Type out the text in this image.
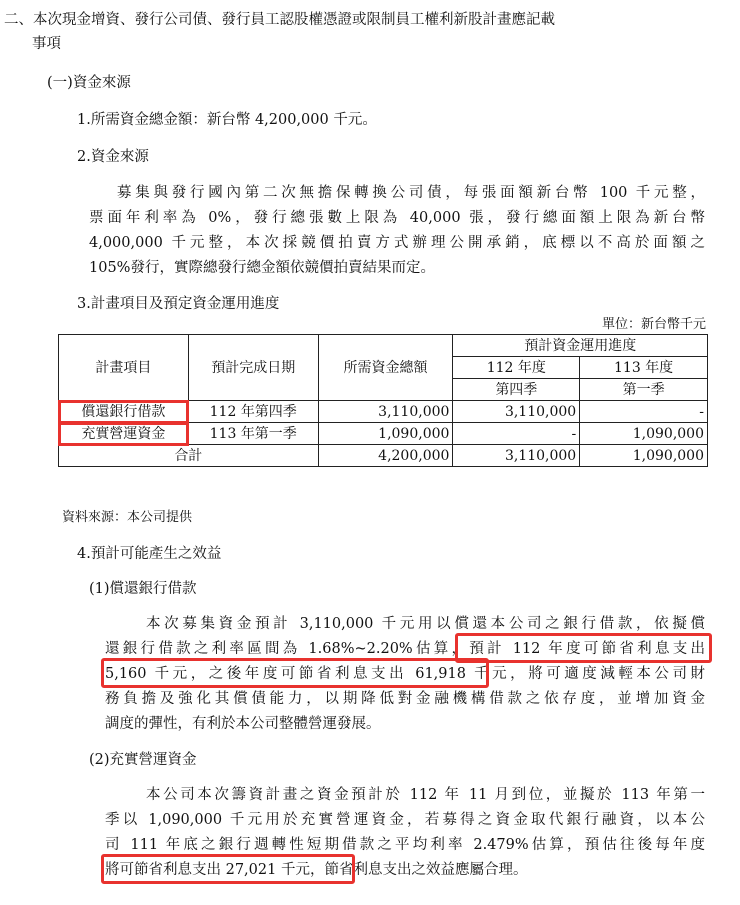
二、本次現金增資、發行公司債、發行員工認股權憑證或限制員工權利新股計畫應記載
事項
(一)資金來源
1.所需資金總金額：新台幣 4,200,000 千元。
2.資金來源
募集與發行國內第二次無擔保轉換公司債，每張面額新台幣 100 千元整，
票面年利率為 0%，發行總張數上限為 40,000 張，發行總面額上限為新台幣
4,000,000 千元整，本次採競價拍賣方式辦理公開承銷，底標以不高於面額之
105%發行，實際總發行總金額依競價拍賣結果而定。
3.計畫項目及預定資金運用進度
單位：新台幣千元
計畫項目	預計完成日期	所需資金總額	預計資金運用進度	
			112 年度	113 年度
			第四季	第一季
償還銀行借款	112 年第四季	3,110,000	3,110,000	-
充實營運資金	113 年第一季	1,090,000	-	1,090,000
合計		4,200,000	3,110,000	1,090,000
資料來源：本公司提供
4.預計可能產生之效益
(1)償還銀行借款
本次募集資金預計 3,110,000 千元用以償還本公司之銀行借款，依擬償
還銀行借款之利率區間為 1.68%~2.20%估算，預計 112 年度可節省利息支出
5,160 千元，之後年度可節省利息支出 61,918 千元，將可適度減輕本公司財
務負擔及強化其償債能力，以期降低對金融機構借款之依存度，並增加資金
調度的彈性，有利於本公司整體營運發展。
(2)充實營運資金
本公司本次籌資計畫之資金預計於 112 年 11 月到位，並擬於 113 年第一
季以 1,090,000 千元用於充實營運資金，若募得之資金取代銀行融資，以本公
司 111 年底之銀行週轉性短期借款之平均利率 2.479%估算，預估往後每年度
將可節省利息支出 27,021 千元，節省利息支出之效益應屬合理。
